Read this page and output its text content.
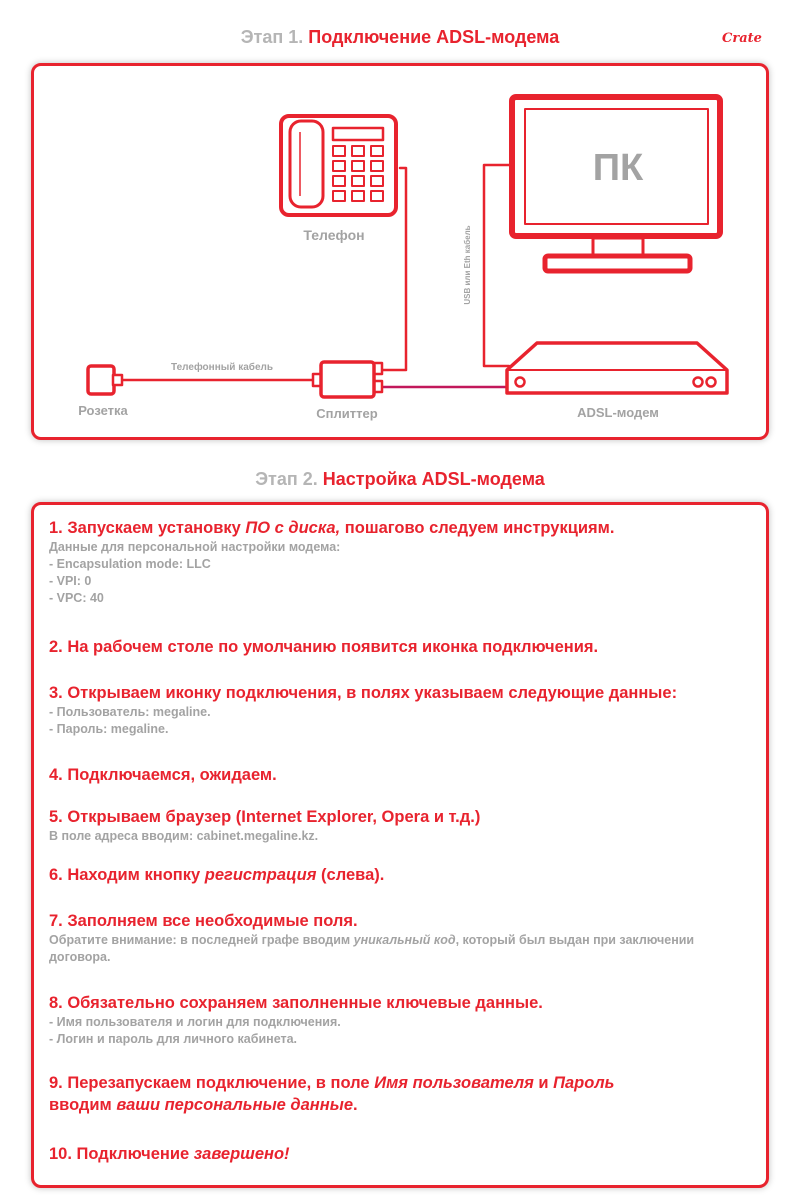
Этап 1. Подключение ADSL-модема	Crate
ПК
Телефон	USB или Eth кабель
Телефонный кабель
Розетка	Сплиттер	ADSL-модем
Этап 2. Настройка ADSL-модема
1. Запускаем установку ПО с диска, пошагово следуем инструкциям.
Данные для персональной настройки модема:
- Encapsulation mode: LLC
- VPI: 0
- VPC: 40
2. На рабочем столе по умолчанию появится иконка подключения.
3. Открываем иконку подключения, в полях указываем следующие данные:
- Пользователь: megaline.
- Пароль: megaline.
4. Подключаемся, ожидаем.
5. Открываем браузер (Internet Explorer, Opera и т.д.)
В поле адреса вводим: cabinet.megaline.kz.
6. Находим кнопку регистрация (слева).
7. Заполняем все необходимые поля.
Обратите внимание: в последней графе вводим уникальный код, который был выдан при заключении договора.
8. Обязательно сохраняем заполненные ключевые данные.
- Имя пользователя и логин для подключения.
- Логин и пароль для личного кабинета.
9. Перезапускаем подключение, в поле Имя пользователя и Пароль
вводим ваши персональные данные.
10. Подключение завершено!
